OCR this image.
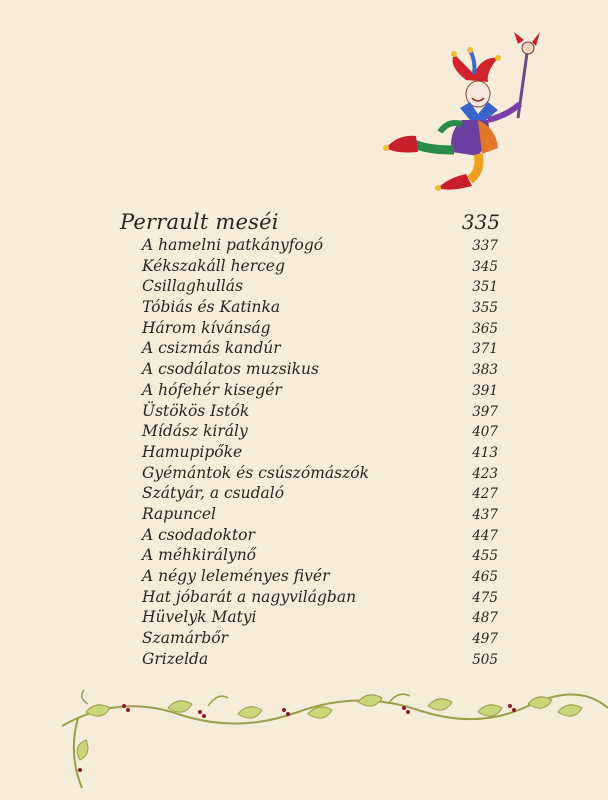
Perrault meséi	335
A hamelni patkányfogó	337
Kékszakáll herceg	345
Csillaghullás	351
Tóbiás és Katinka	355
Három kívánság	365
A csizmás kandúr	371
A csodálatos muzsikus	383
A hófehér kisegér	391
Üstökös Istók	397
Mídász király	407
Hamupipőke	413
Gyémántok és csúszómászók	423
Szátyár, a csudaló	427
Rapuncel	437
A csodadoktor	447
A méhkirálynő	455
A négy leleményes fivér	465
Hat jóbarát a nagyvilágban	475
Hüvelyk Matyi	487
Szamárbőr	497
Grizelda	505
